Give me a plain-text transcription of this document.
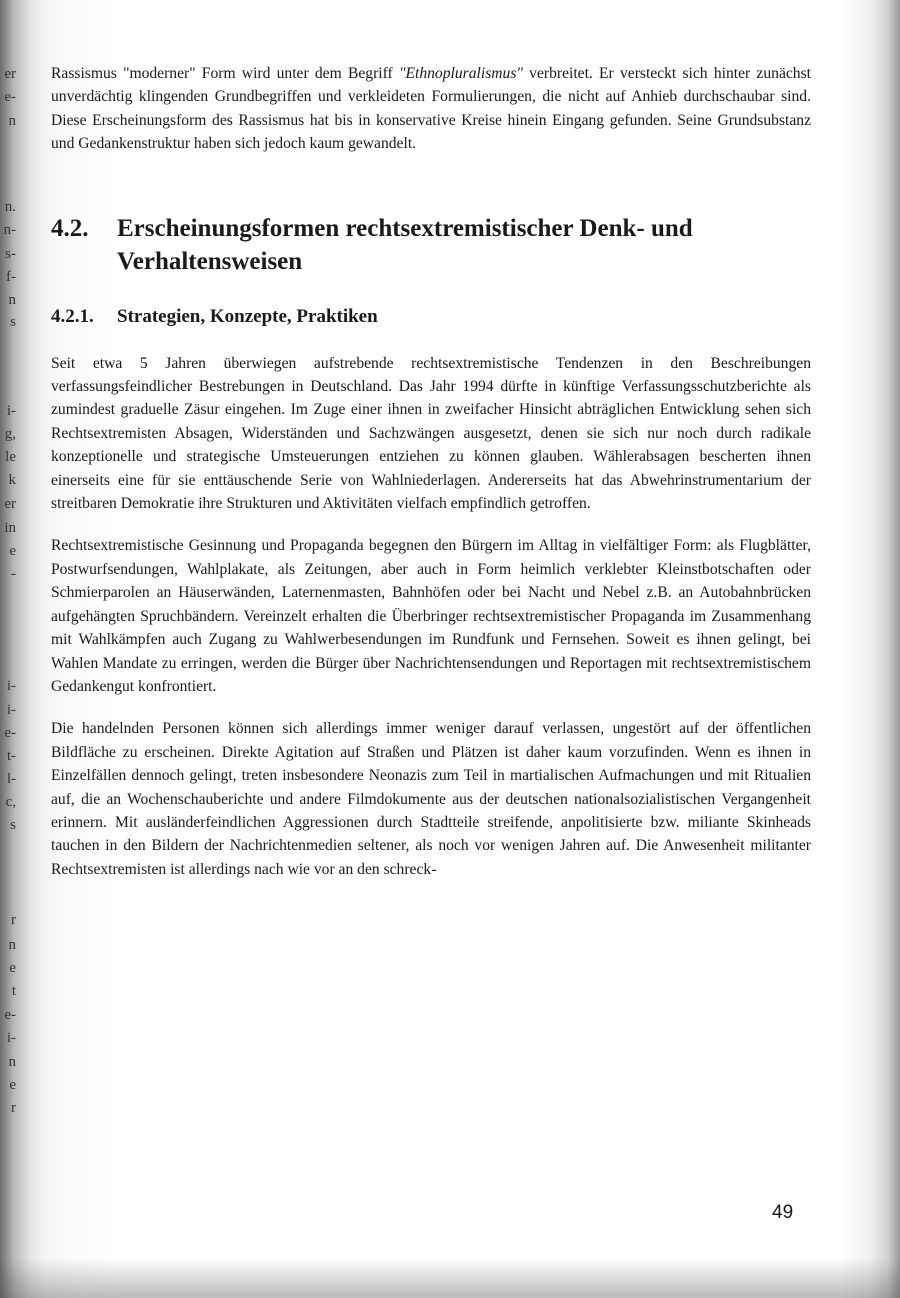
er
e-
n
n.
n-
s-
f-
n
s
i-
g,
le
k
er
in
e
-
i-
i-
e-
t-
l-
c,
s
r
n
e
t
e-
i-
n
e
r

Rassismus "moderner" Form wird unter dem Begriff "Ethnopluralismus" verbreitet. Er versteckt sich hinter zunächst unverdächtig klingenden Grundbegriffen und verkleideten Formulierungen, die nicht auf Anhieb durchschaubar sind. Diese Erscheinungsform des Rassismus hat bis in konservative Kreise hinein Eingang gefunden. Seine Grundsubstanz und Gedankenstruktur haben sich jedoch kaum gewandelt.

4.2.	Erscheinungsformen rechtsextremistischer Denk- und Verhaltensweisen
4.2.1.	Strategien, Konzepte, Praktiken

Seit etwa 5 Jahren überwiegen aufstrebende rechtsextremistische Tendenzen in den Beschreibungen verfassungsfeindlicher Bestrebungen in Deutschland. Das Jahr 1994 dürfte in künftige Verfassungsschutzberichte als zumindest graduelle Zäsur eingehen. Im Zuge einer ihnen in zweifacher Hinsicht abträglichen Entwicklung sehen sich Rechtsextremisten Absagen, Widerständen und Sachzwängen ausgesetzt, denen sie sich nur noch durch radikale konzeptionelle und strategische Umsteuerungen entziehen zu können glauben. Wählerabsagen bescherten ihnen einerseits eine für sie enttäuschende Serie von Wahlniederlagen. Andererseits hat das Abwehrinstrumentarium der streitbaren Demokratie ihre Strukturen und Aktivitäten vielfach empfindlich getroffen.

Rechtsextremistische Gesinnung und Propaganda begegnen den Bürgern im Alltag in vielfältiger Form: als Flugblätter, Postwurfsendungen, Wahlplakate, als Zeitungen, aber auch in Form heimlich verklebter Kleinstbotschaften oder Schmierparolen an Häuserwänden, Laternenmasten, Bahnhöfen oder bei Nacht und Nebel z.B. an Autobahnbrücken aufgehängten Spruchbändern. Vereinzelt erhalten die Überbringer rechtsextremistischer Propaganda im Zusammenhang mit Wahlkämpfen auch Zugang zu Wahlwerbesendungen im Rundfunk und Fernsehen. Soweit es ihnen gelingt, bei Wahlen Mandate zu erringen, werden die Bürger über Nachrichtensendungen und Reportagen mit rechtsextremistischem Gedankengut konfrontiert.

Die handelnden Personen können sich allerdings immer weniger darauf verlassen, ungestört auf der öffentlichen Bildfläche zu erscheinen. Direkte Agitation auf Straßen und Plätzen ist daher kaum vorzufinden. Wenn es ihnen in Einzelfällen dennoch gelingt, treten insbesondere Neonazis zum Teil in martialischen Aufmachungen und mit Ritualien auf, die an Wochenschauberichte und andere Filmdokumente aus der deutschen nationalsozialistischen Vergangenheit erinnern. Mit ausländerfeindlichen Aggressionen durch Stadtteile streifende, anpolitisierte bzw. miliante Skinheads tauchen in den Bildern der Nachrichtenmedien seltener, als noch vor wenigen Jahren auf. Die Anwesenheit militanter Rechtsextremisten ist allerdings nach wie vor an den schreck-

49
